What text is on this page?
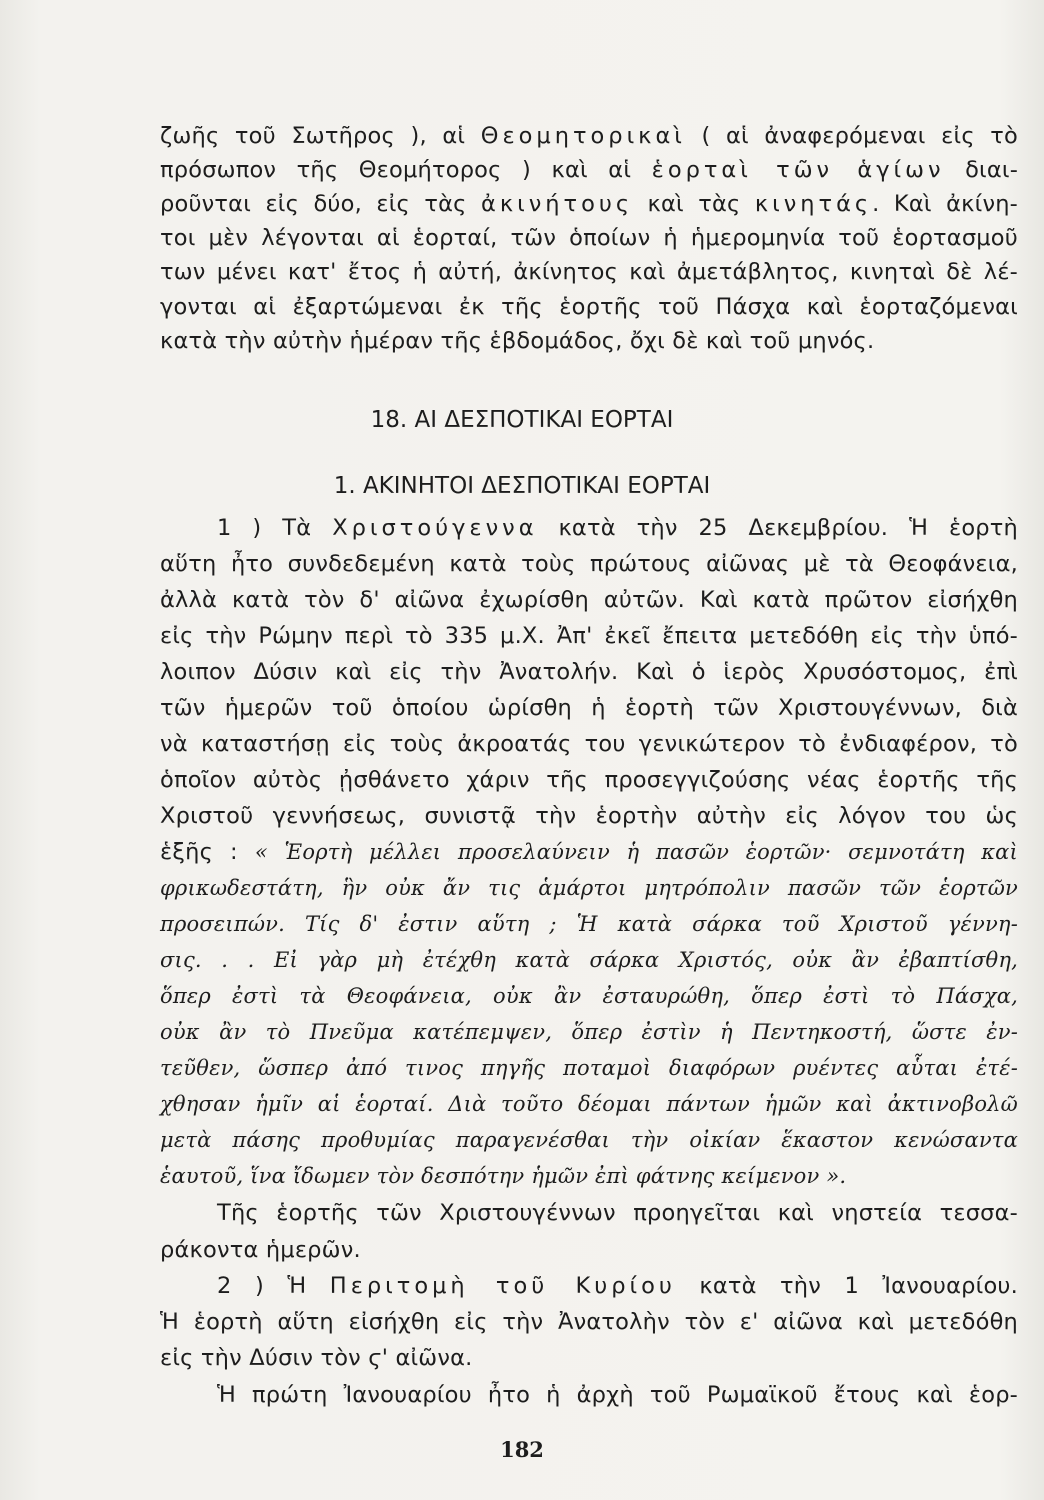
ζωῆς τοῦ Σωτῆρος ), αἱ Θεομητορικαὶ ( αἱ ἀναφερόμεναι εἰς τὸ
πρόσωπον τῆς Θεομήτορος ) καὶ αἱ ἑορταὶ τῶν ἁγίων διαι-
ροῦνται εἰς δύο, εἰς τὰς ἀκινήτους καὶ τὰς κινητάς. Καὶ ἀκίνη-
τοι μὲν λέγονται αἱ ἑορταί, τῶν ὁποίων ἡ ἡμερομηνία τοῦ ἑορτασμοῦ
των μένει κατ' ἔτος ἡ αὐτή, ἀκίνητος καὶ ἀμετάβλητος, κινηταὶ δὲ λέ-
γονται αἱ ἐξαρτώμεναι ἐκ τῆς ἑορτῆς τοῦ Πάσχα καὶ ἑορταζόμεναι
κατὰ τὴν αὐτὴν ἡμέραν τῆς ἑβδομάδος, ὄχι δὲ καὶ τοῦ μηνός.
18. ΑΙ ΔΕΣΠΟΤΙΚΑΙ ΕΟΡΤΑΙ
1. ΑΚΙΝΗΤΟΙ ΔΕΣΠΟΤΙΚΑΙ ΕΟΡΤΑΙ
1 ) Τὰ Χριστούγεννα κατὰ τὴν 25 Δεκεμβρίου. Ἡ ἑορτὴ
αὕτη ἦτο συνδεδεμένη κατὰ τοὺς πρώτους αἰῶνας μὲ τὰ Θεοφάνεια,
ἀλλὰ κατὰ τὸν δ' αἰῶνα ἐχωρίσθη αὐτῶν. Καὶ κατὰ πρῶτον εἰσήχθη
εἰς τὴν Ρώμην περὶ τὸ 335 μ.Χ. Ἀπ' ἐκεῖ ἔπειτα μετεδόθη εἰς τὴν ὑπό-
λοιπον Δύσιν καὶ εἰς τὴν Ἀνατολήν. Καὶ ὁ ἱερὸς Χρυσόστομος, ἐπὶ
τῶν ἡμερῶν τοῦ ὁποίου ὡρίσθη ἡ ἑορτὴ τῶν Χριστουγέννων, διὰ
νὰ καταστήσῃ εἰς τοὺς ἀκροατάς του γενικώτερον τὸ ἐνδιαφέρον, τὸ
ὁποῖον αὐτὸς ᾐσθάνετο χάριν τῆς προσεγγιζούσης νέας ἑορτῆς τῆς
Χριστοῦ γεννήσεως, συνιστᾷ τὴν ἑορτὴν αὐτὴν εἰς λόγον του ὡς
ἑξῆς : « Ἑορτὴ μέλλει προσελαύνειν ἡ πασῶν ἑορτῶν· σεμνοτάτη καὶ
φρικωδεστάτη, ἣν οὐκ ἄν τις ἁμάρτοι μητρόπολιν πασῶν τῶν ἑορτῶν
προσειπών. Τίς δ' ἐστιν αὕτη ; Ἡ κατὰ σάρκα τοῦ Χριστοῦ γέννη-
σις. . . Εἰ γὰρ μὴ ἐτέχθη κατὰ σάρκα Χριστός, οὐκ ἂν ἐβαπτίσθη,
ὅπερ ἐστὶ τὰ Θεοφάνεια, οὐκ ἂν ἐσταυρώθη, ὅπερ ἐστὶ τὸ Πάσχα,
οὐκ ἂν τὸ Πνεῦμα κατέπεμψεν, ὅπερ ἐστὶν ἡ Πεντηκοστή, ὥστε ἐν-
τεῦθεν, ὥσπερ ἀπό τινος πηγῆς ποταμοὶ διαφόρων ρυέντες αὗται ἐτέ-
χθησαν ἡμῖν αἱ ἑορταί. Διὰ τοῦτο δέομαι πάντων ἡμῶν καὶ ἀκτινοβολῶ
μετὰ πάσης προθυμίας παραγενέσθαι τὴν οἰκίαν ἕκαστον κενώσαντα
ἑαυτοῦ, ἵνα ἴδωμεν τὸν δεσπότην ἡμῶν ἐπὶ φάτνης κείμενον ».
Τῆς ἑορτῆς τῶν Χριστουγέννων προηγεῖται καὶ νηστεία τεσσα-
ράκοντα ἡμερῶν.
2 ) Ἡ Περιτομὴ τοῦ Κυρίου κατὰ τὴν 1 Ἰανουαρίου.
Ἡ ἑορτὴ αὕτη εἰσήχθη εἰς τὴν Ἀνατολὴν τὸν ε' αἰῶνα καὶ μετεδόθη
εἰς τὴν Δύσιν τὸν ϛ' αἰῶνα.
Ἡ πρώτη Ἰανουαρίου ἦτο ἡ ἀρχὴ τοῦ Ρωμαϊκοῦ ἔτους καὶ ἑορ-
182
